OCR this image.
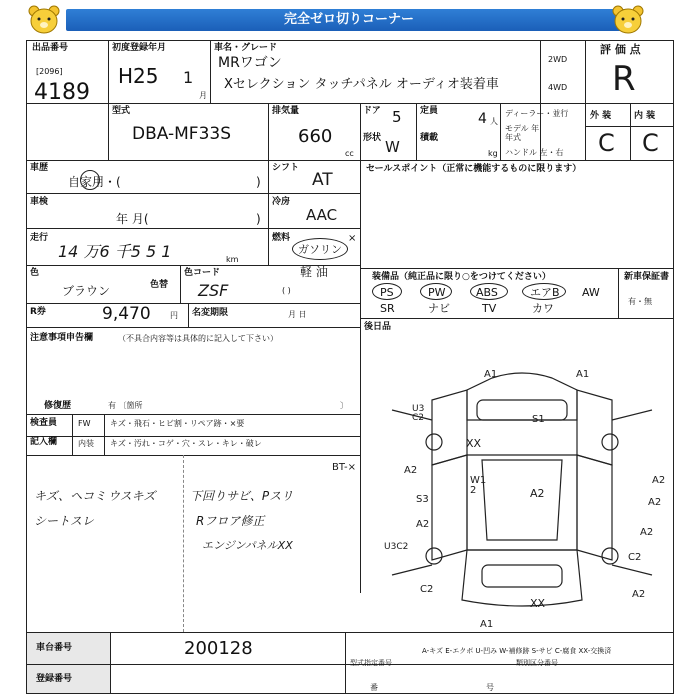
完全ゼロ切りコーナー
出品番号
[2096]
4189
初度登録年月
H25 1
月
車名・グレード
MRワゴン
Xセレクション タッチパネル オーディオ装着車
2WD
4WD
評 価 点
R
型式
DBA-MF33S
排気量
660
cc
ドア 5 定員	4 人
形状 W 積載
kg
ディーラー・並行
モデル 年
年式
ハンドル 左・右
外 装	内 装
C C
車歴
自家用・(	)
シフト
AT
車検
年 月(	)
冷房
AAC
走行
14 万6 千5 5 1	km
燃料
ガソリン
軽 油
( )
×
色
ブラウン	色替
色コード
ZSF
R券	9,470 円 名変期限	月 日
注意事項申告欄	（不具合内容等は具体的に記入して下さい）
修復歴	有 〔箇所	〕
検査員
記入欄
FW
内装
キズ・飛石・ヒビ割・リペア跡・×要
キズ・汚れ・コゲ・穴・スレ・キレ・破レ
セールスポイント（正常に機能するものに限ります）
装備品（純正品に限り○をつけてください）	新車保証書
有・無
PS	PW	ABS	エアB AW
SR	ナビ	TV	カワ
後日品
BT-×
キズ、ヘコミ ウスキズ	下回りサビ、Pスリ
シートスレ	Rフロア修正
エンジンパネルXX
A1	A1
U3
C2	S1
XX
A2
W1
2	A2
S3
A2
A2
A2
U3C2
C2
A2
C2
A2
XX
A1
車台番号	200128
登録番号
A-キズ E-エクボ U-凹み W-補修跡 S-サビ C-腐食 XX-交換済
型式指定番号	類別区分番号
番	号
